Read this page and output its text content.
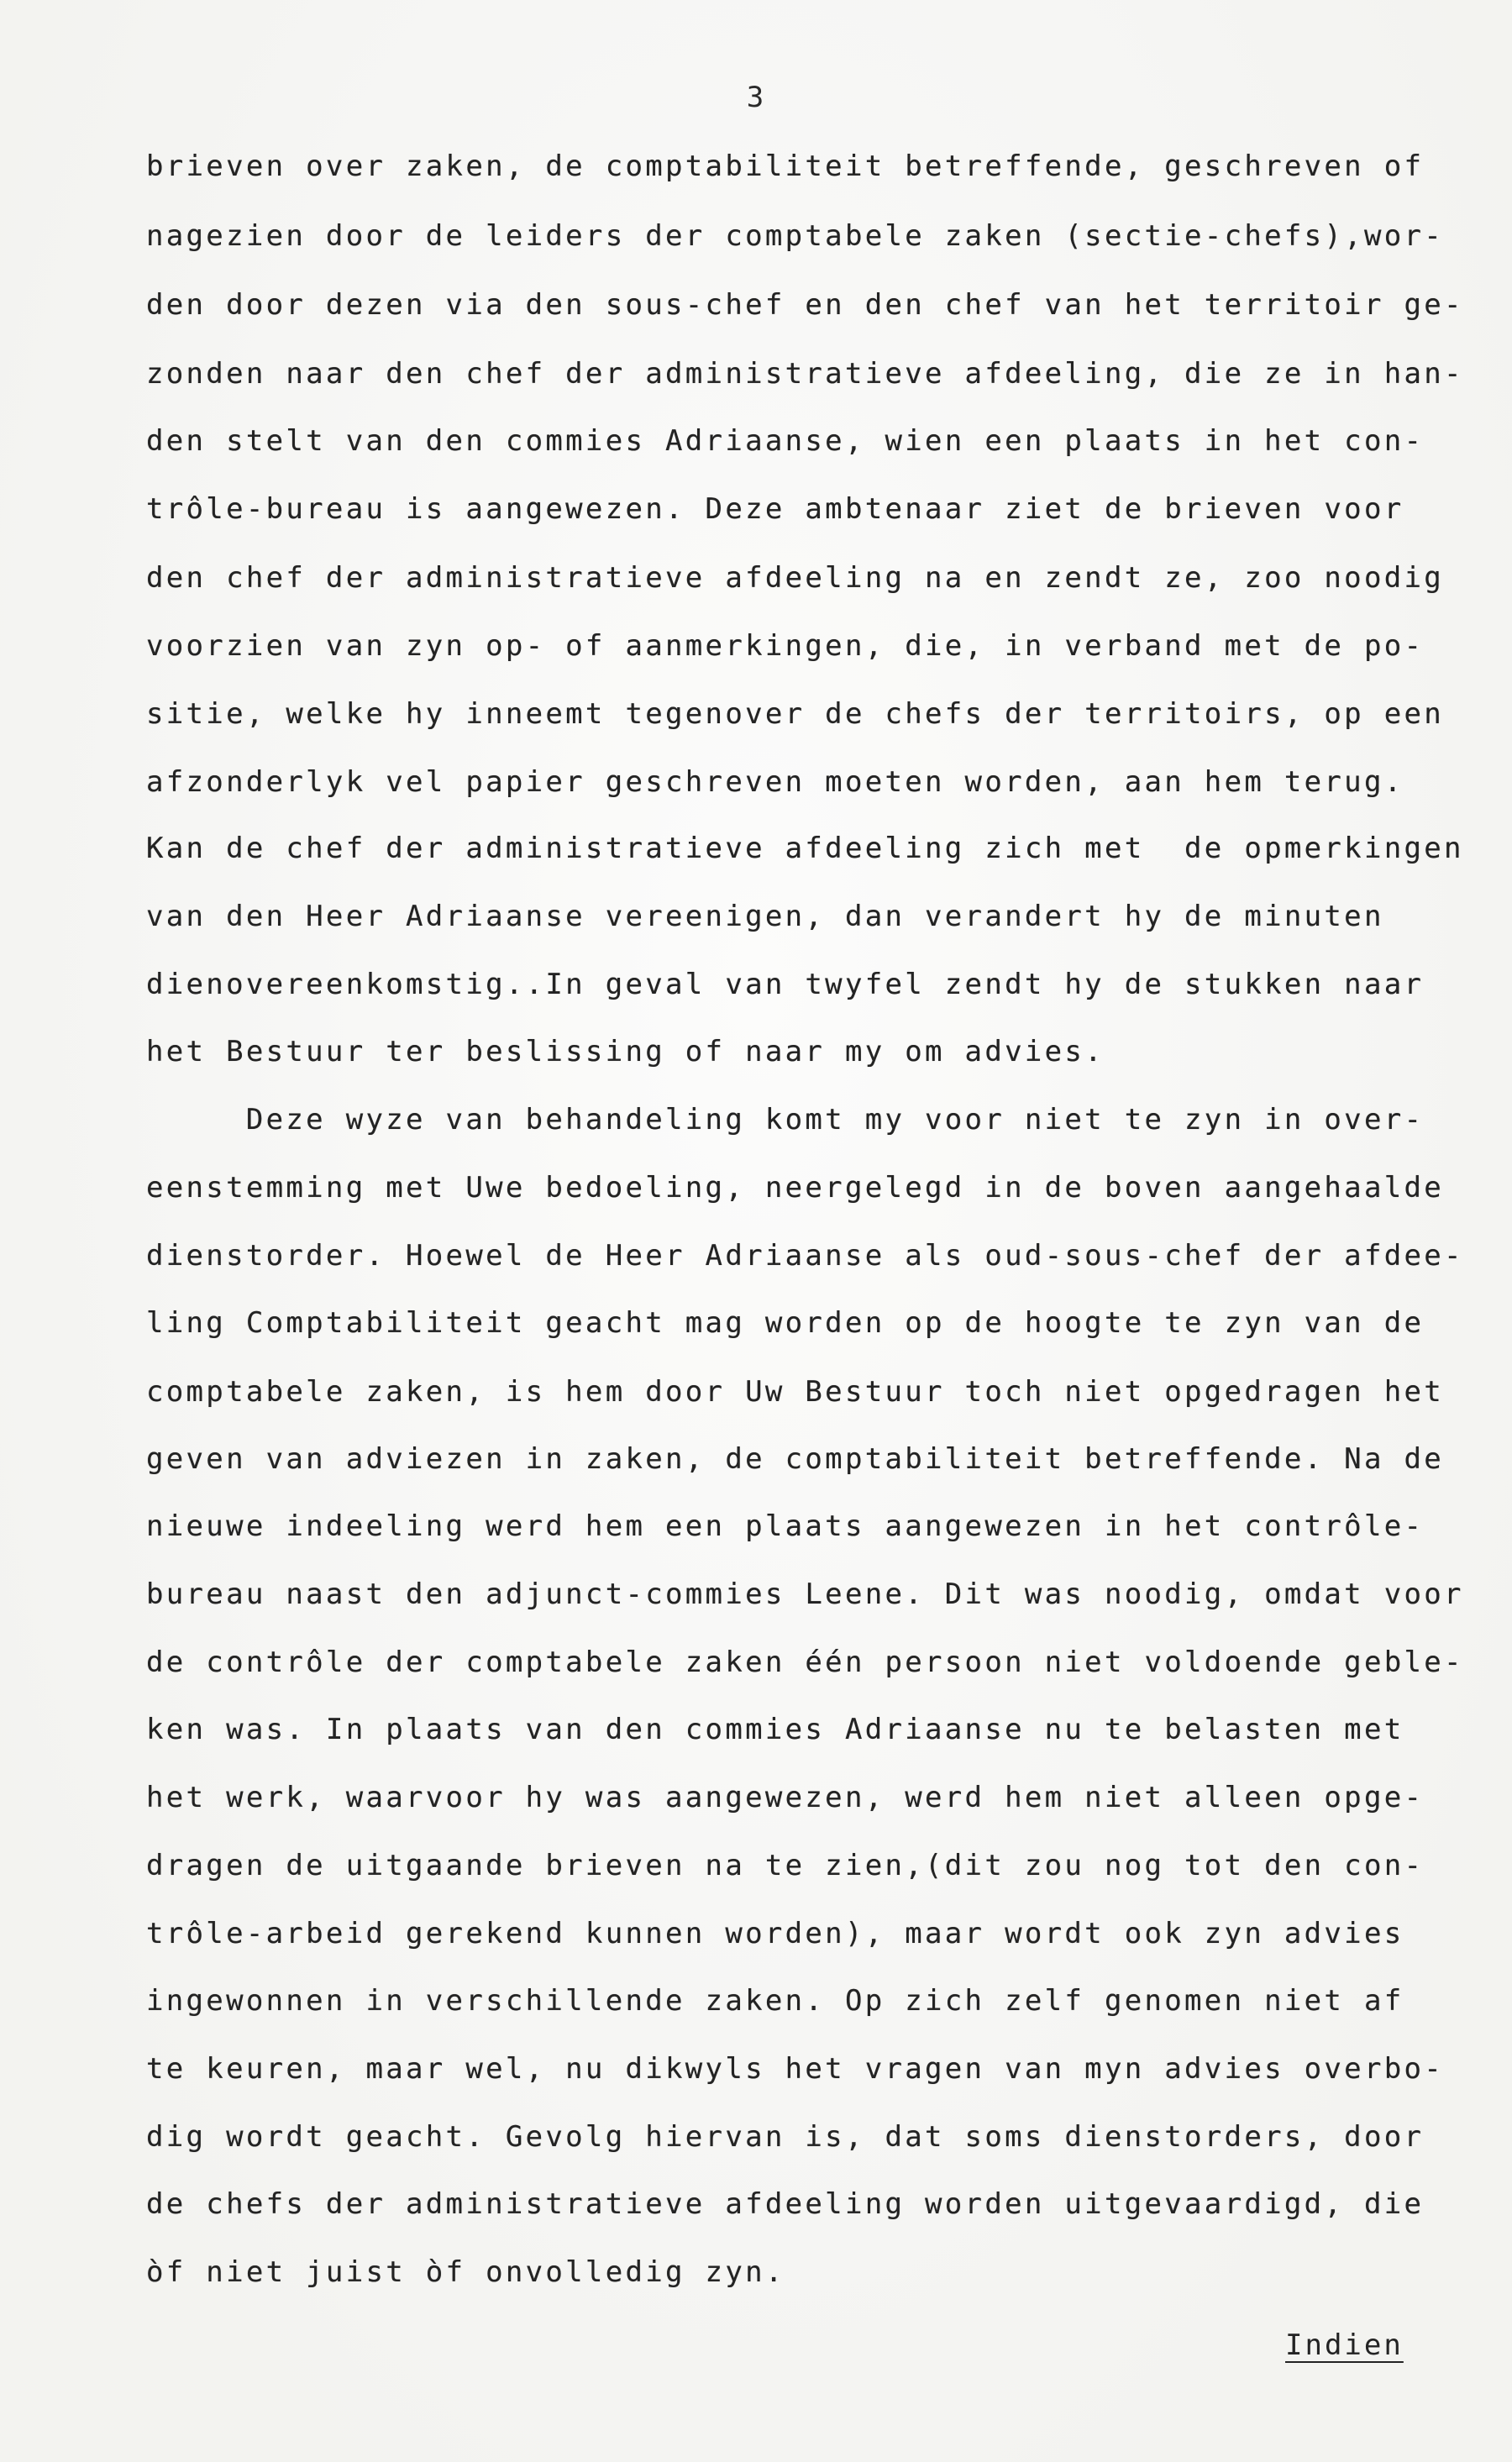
3

brieven over zaken, de comptabiliteit betreffende, geschreven of

nagezien door de leiders der comptabele zaken (sectie-chefs),wor-

den door dezen via den sous-chef en den chef van het territoir ge-

zonden naar den chef der administratieve afdeeling, die ze in han-

den stelt van den commies Adriaanse, wien een plaats in het con-

trôle-bureau is aangewezen. Deze ambtenaar ziet de brieven voor

den chef der administratieve afdeeling na en zendt ze, zoo noodig

voorzien van zyn op- of aanmerkingen, die, in verband met de po-

sitie, welke hy inneemt tegenover de chefs der territoirs, op een

afzonderlyk vel papier geschreven moeten worden, aan hem terug.

Kan de chef der administratieve afdeeling zich met  de opmerkingen

van den Heer Adriaanse vereenigen, dan verandert hy de minuten

dienovereenkomstig..In geval van twyfel zendt hy de stukken naar

het Bestuur ter beslissing of naar my om advies.

Deze wyze van behandeling komt my voor niet te zyn in over-

eenstemming met Uwe bedoeling, neergelegd in de boven aangehaalde

dienstorder. Hoewel de Heer Adriaanse als oud-sous-chef der afdee-

ling Comptabiliteit geacht mag worden op de hoogte te zyn van de

comptabele zaken, is hem door Uw Bestuur toch niet opgedragen het

geven van adviezen in zaken, de comptabiliteit betreffende. Na de

nieuwe indeeling werd hem een plaats aangewezen in het contrôle-

bureau naast den adjunct-commies Leene. Dit was noodig, omdat voor

de contrôle der comptabele zaken één persoon niet voldoende geble-

ken was. In plaats van den commies Adriaanse nu te belasten met

het werk, waarvoor hy was aangewezen, werd hem niet alleen opge-

dragen de uitgaande brieven na te zien,(dit zou nog tot den con-

trôle-arbeid gerekend kunnen worden), maar wordt ook zyn advies

ingewonnen in verschillende zaken. Op zich zelf genomen niet af

te keuren, maar wel, nu dikwyls het vragen van myn advies overbo-

dig wordt geacht. Gevolg hiervan is, dat soms dienstorders, door

de chefs der administratieve afdeeling worden uitgevaardigd, die

òf niet juist òf onvolledig zyn.

Indien
